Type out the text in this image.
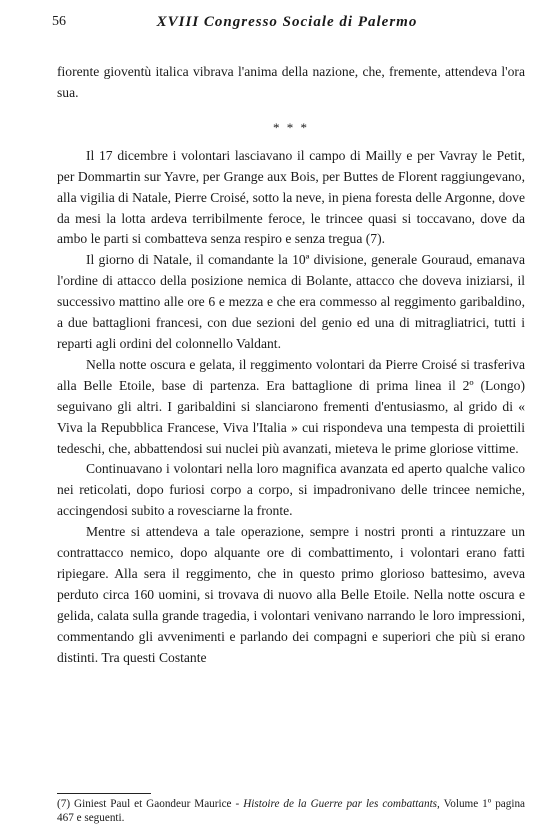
56	XVIII Congresso Sociale di Palermo

fiorente gioventù italica vibrava l'anima della nazione, che, fremente, attendeva l'ora sua.

* * *

Il 17 dicembre i volontari lasciavano il campo di Mailly e per Vavray le Petit, per Dommartin sur Yavre, per Grange aux Bois, per Buttes de Florent raggiungevano, alla vigilia di Natale, Pierre Croisé, sotto la neve, in piena foresta delle Argonne, dove da mesi la lotta ardeva terribilmente feroce, le trincee quasi si toccavano, dove da ambo le parti si combatteva senza respiro e senza tregua (7).

Il giorno di Natale, il comandante la 10ª divisione, generale Gouraud, emanava l'ordine di attacco della posizione nemica di Bolante, attacco che doveva iniziarsi, il successivo mattino alle ore 6 e mezza e che era commesso al reggimento garibaldino, a due battaglioni francesi, con due sezioni del genio ed una di mitragliatrici, tutti i reparti agli ordini del colonnello Valdant.

Nella notte oscura e gelata, il reggimento volontari da Pierre Croisé si trasferiva alla Belle Etoile, base di partenza. Era battaglione di prima linea il 2º (Longo) seguivano gli altri. I garibaldini si slanciarono frementi d'entusiasmo, al grido di « Viva la Repubblica Francese, Viva l'Italia » cui rispondeva una tempesta di proiettili tedeschi, che, abbattendosi sui nuclei più avanzati, mieteva le prime gloriose vittime.

Continuavano i volontari nella loro magnifica avanzata ed aperto qualche valico nei reticolati, dopo furiosi corpo a corpo, si impadronivano delle trincee nemiche, accingendosi subito a rovesciarne la fronte.

Mentre si attendeva a tale operazione, sempre i nostri pronti a rintuzzare un contrattacco nemico, dopo alquante ore di combattimento, i volontari erano fatti ripiegare. Alla sera il reggimento, che in questo primo glorioso battesimo, aveva perduto circa 160 uomini, si trovava di nuovo alla Belle Etoile. Nella notte oscura e gelida, calata sulla grande tragedia, i volontari venivano narrando le loro impressioni, commentando gli avvenimenti e parlando dei compagni e superiori che più si erano distinti. Tra questi Costante

(7) Giniest Paul et Gaondeur Maurice - Histoire de la Guerre par les combattants, Volume 1º pagina 467 e seguenti.
